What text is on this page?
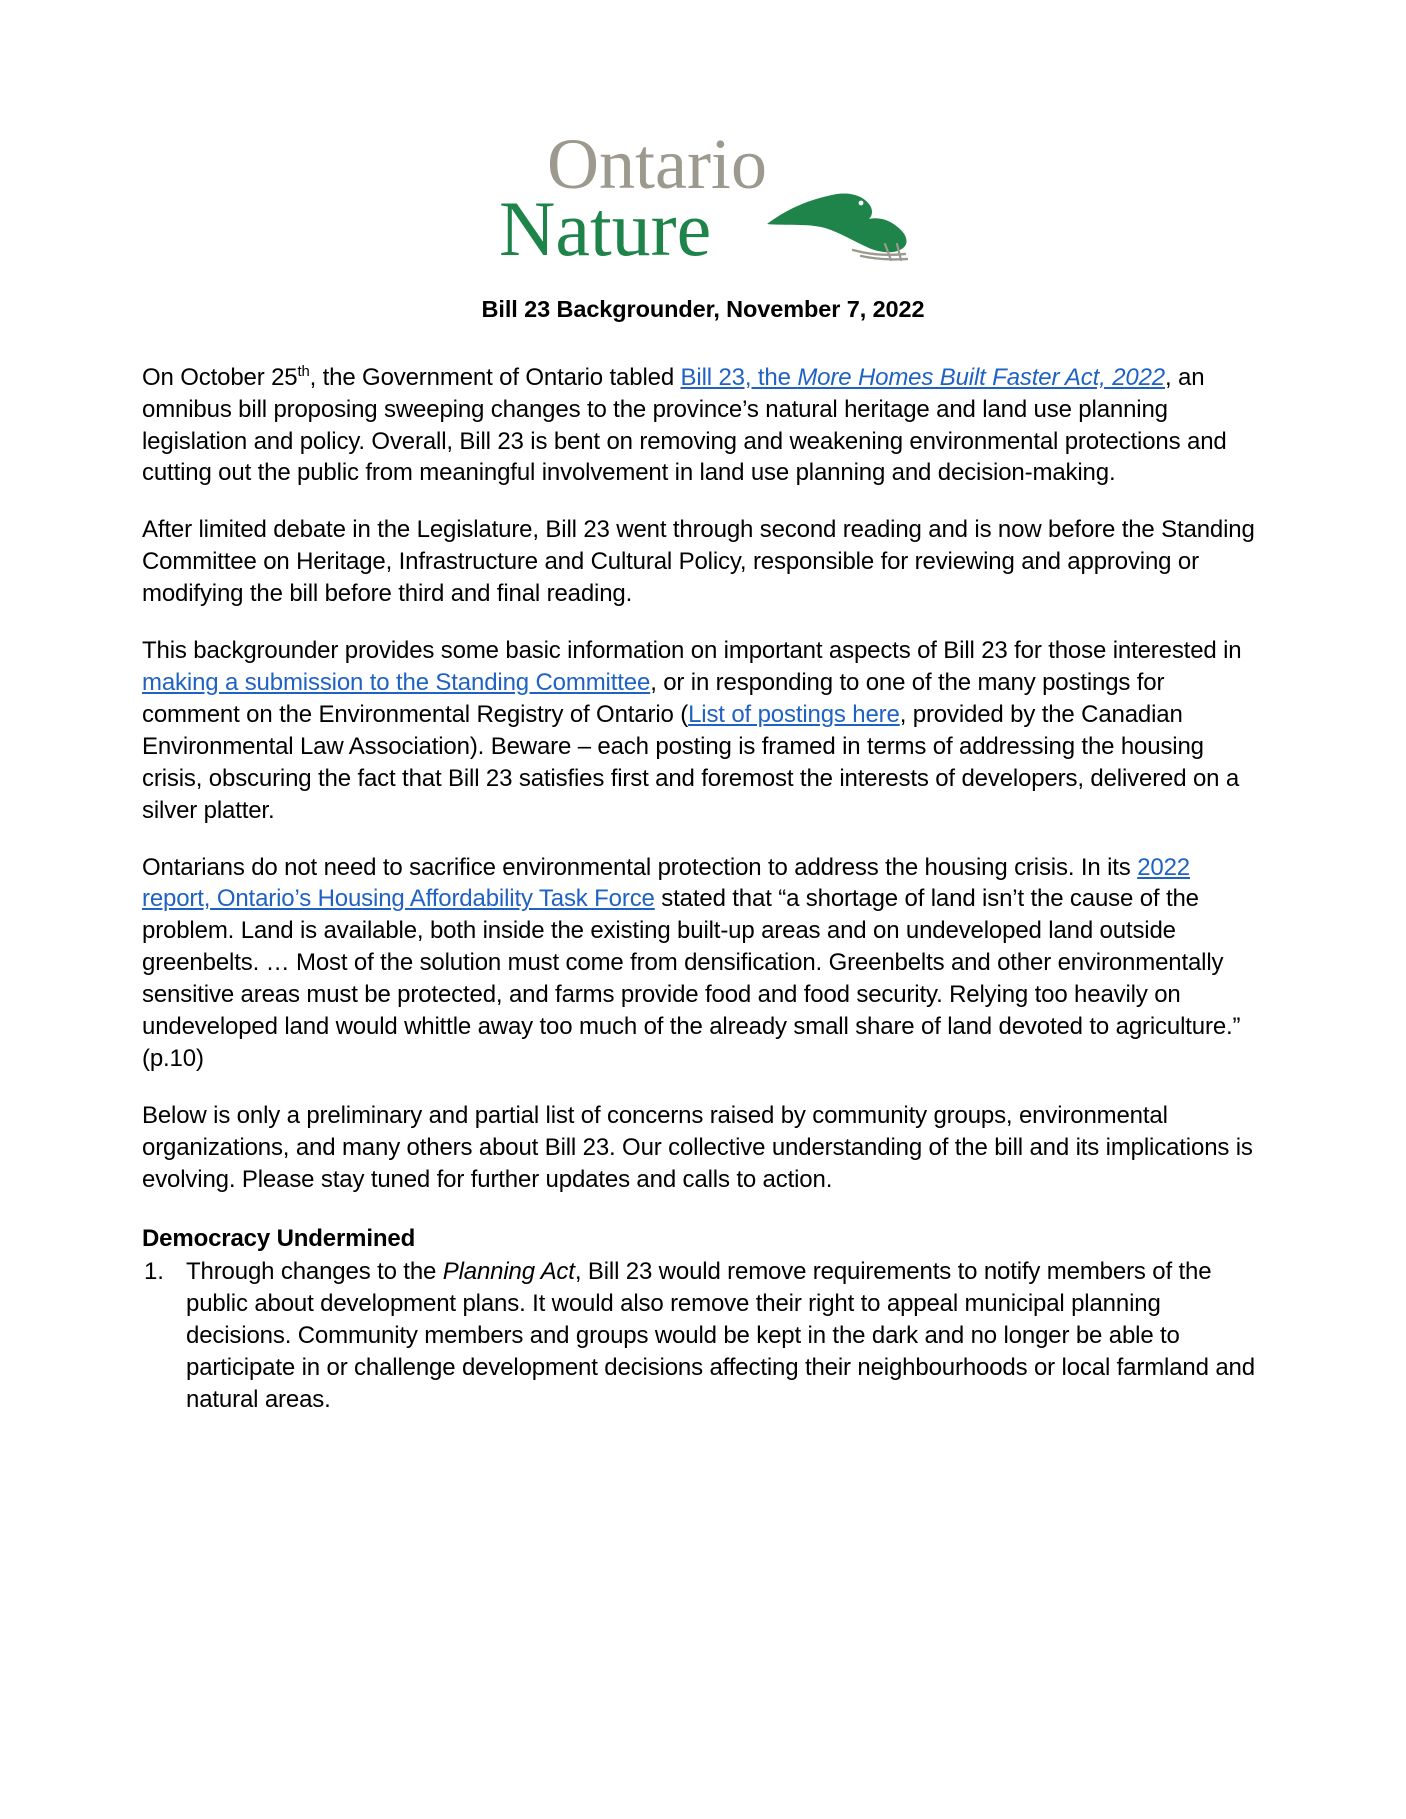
Ontario
Nature
Bill 23 Backgrounder, November 7, 2022

On October 25th, the Government of Ontario tabled Bill 23, the More Homes Built Faster Act, 2022, an omnibus bill proposing sweeping changes to the province’s natural heritage and land use planning legislation and policy. Overall, Bill 23 is bent on removing and weakening environmental protections and cutting out the public from meaningful involvement in land use planning and decision-making.

After limited debate in the Legislature, Bill 23 went through second reading and is now before the Standing Committee on Heritage, Infrastructure and Cultural Policy, responsible for reviewing and approving or modifying the bill before third and final reading.

This backgrounder provides some basic information on important aspects of Bill 23 for those interested in making a submission to the Standing Committee, or in responding to one of the many postings for comment on the Environmental Registry of Ontario (List of postings here, provided by the Canadian Environmental Law Association). Beware – each posting is framed in terms of addressing the housing crisis, obscuring the fact that Bill 23 satisfies first and foremost the interests of developers, delivered on a silver platter.

Ontarians do not need to sacrifice environmental protection to address the housing crisis. In its 2022 report, Ontario’s Housing Affordability Task Force stated that “a shortage of land isn’t the cause of the problem. Land is available, both inside the existing built-up areas and on undeveloped land outside greenbelts. … Most of the solution must come from densification. Greenbelts and other environmentally sensitive areas must be protected, and farms provide food and food security. Relying too heavily on undeveloped land would whittle away too much of the already small share of land devoted to agriculture.” (p.10)

Below is only a preliminary and partial list of concerns raised by community groups, environmental organizations, and many others about Bill 23. Our collective understanding of the bill and its implications is evolving. Please stay tuned for further updates and calls to action.

Democracy Undermined
1. Through changes to the Planning Act, Bill 23 would remove requirements to notify members of the public about development plans. It would also remove their right to appeal municipal planning decisions. Community members and groups would be kept in the dark and no longer be able to participate in or challenge development decisions affecting their neighbourhoods or local farmland and natural areas.
